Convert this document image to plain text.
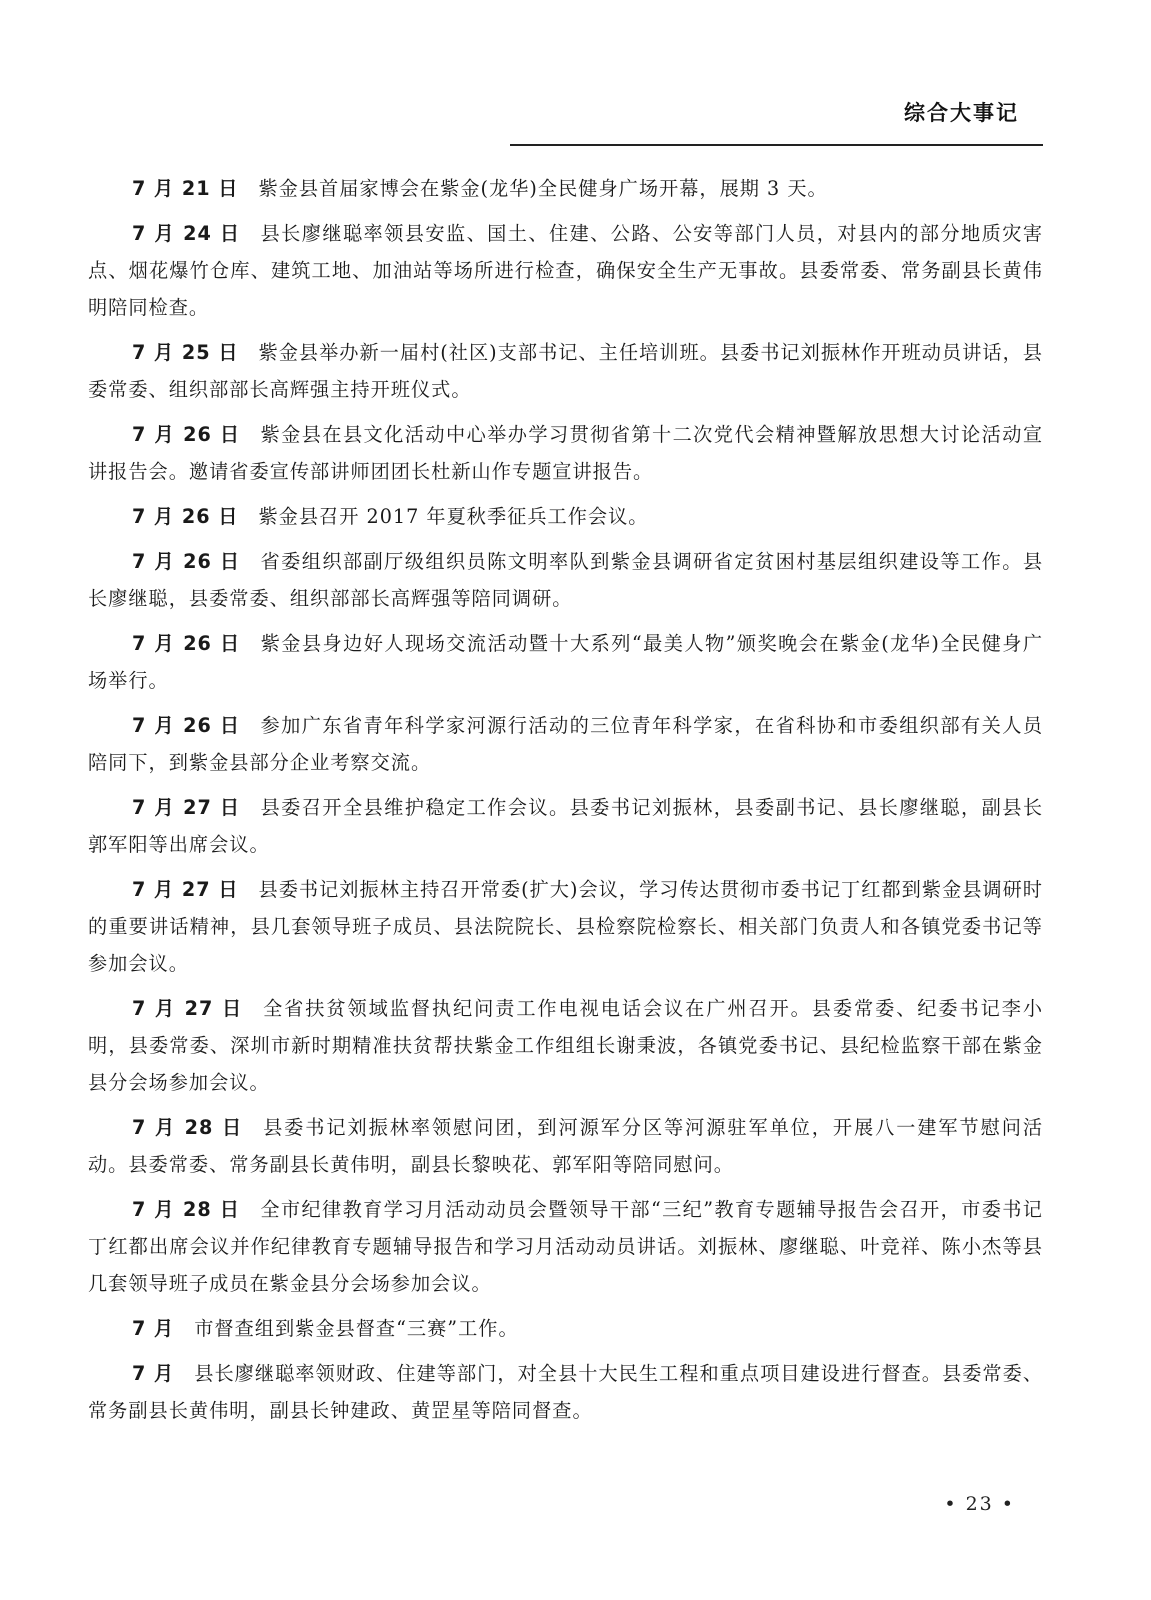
综合大事记

7 月 21 日 紫金县首届家博会在紫金(龙华)全民健身广场开幕，展期 3 天。

7 月 24 日 县长廖继聪率领县安监、国土、住建、公路、公安等部门人员，对县内的部分地质灾害点、烟花爆竹仓库、建筑工地、加油站等场所进行检查，确保安全生产无事故。县委常委、常务副县长黄伟明陪同检查。

7 月 25 日 紫金县举办新一届村(社区)支部书记、主任培训班。县委书记刘振林作开班动员讲话，县委常委、组织部部长高辉强主持开班仪式。

7 月 26 日 紫金县在县文化活动中心举办学习贯彻省第十二次党代会精神暨解放思想大讨论活动宣讲报告会。邀请省委宣传部讲师团团长杜新山作专题宣讲报告。

7 月 26 日 紫金县召开 2017 年夏秋季征兵工作会议。

7 月 26 日 省委组织部副厅级组织员陈文明率队到紫金县调研省定贫困村基层组织建设等工作。县长廖继聪，县委常委、组织部部长高辉强等陪同调研。

7 月 26 日 紫金县身边好人现场交流活动暨十大系列“最美人物”颁奖晚会在紫金(龙华)全民健身广场举行。

7 月 26 日 参加广东省青年科学家河源行活动的三位青年科学家，在省科协和市委组织部有关人员陪同下，到紫金县部分企业考察交流。

7 月 27 日 县委召开全县维护稳定工作会议。县委书记刘振林，县委副书记、县长廖继聪，副县长郭军阳等出席会议。

7 月 27 日 县委书记刘振林主持召开常委(扩大)会议，学习传达贯彻市委书记丁红都到紫金县调研时的重要讲话精神，县几套领导班子成员、县法院院长、县检察院检察长、相关部门负责人和各镇党委书记等参加会议。

7 月 27 日 全省扶贫领域监督执纪问责工作电视电话会议在广州召开。县委常委、纪委书记李小明，县委常委、深圳市新时期精准扶贫帮扶紫金工作组组长谢秉波，各镇党委书记、县纪检监察干部在紫金县分会场参加会议。

7 月 28 日 县委书记刘振林率领慰问团，到河源军分区等河源驻军单位，开展八一建军节慰问活动。县委常委、常务副县长黄伟明，副县长黎映花、郭军阳等陪同慰问。

7 月 28 日 全市纪律教育学习月活动动员会暨领导干部“三纪”教育专题辅导报告会召开，市委书记丁红都出席会议并作纪律教育专题辅导报告和学习月活动动员讲话。刘振林、廖继聪、叶竞祥、陈小杰等县几套领导班子成员在紫金县分会场参加会议。

7 月 市督查组到紫金县督查“三赛”工作。

7 月 县长廖继聪率领财政、住建等部门，对全县十大民生工程和重点项目建设进行督查。县委常委、常务副县长黄伟明，副县长钟建政、黄罡星等陪同督查。

• 23 •
